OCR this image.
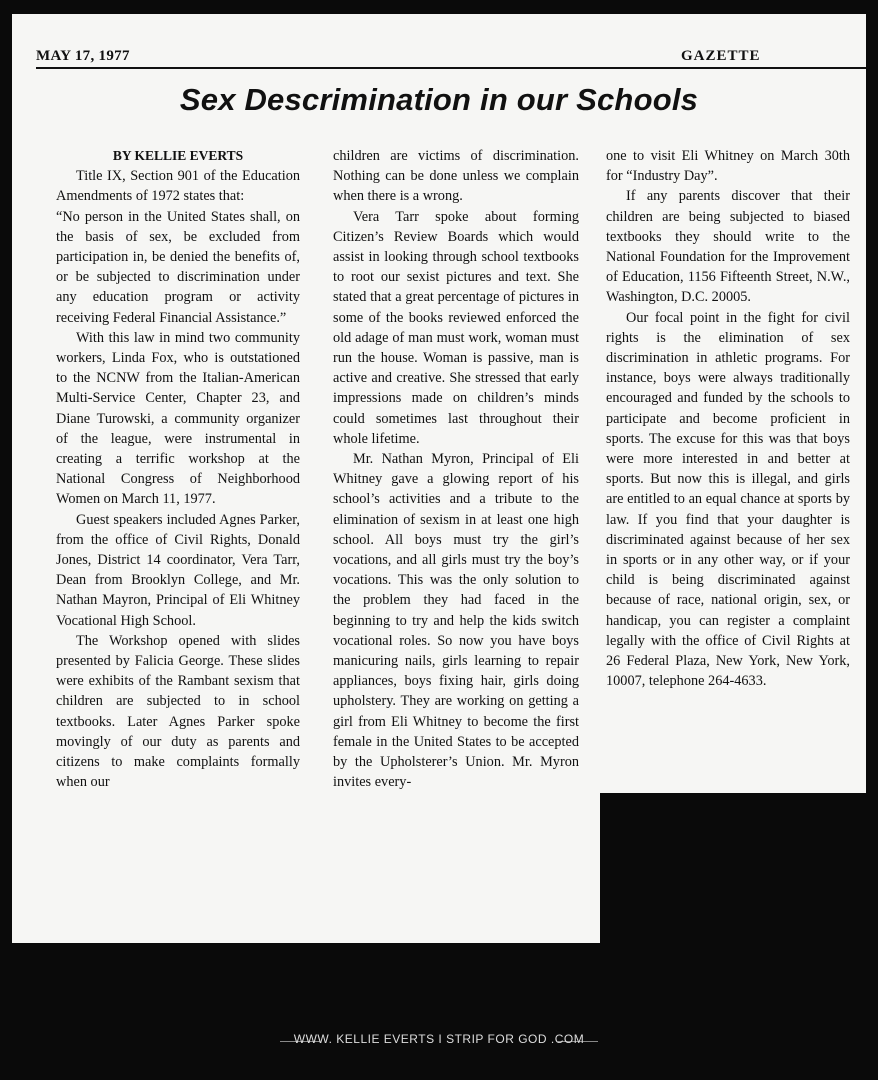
MAY 17, 1977	GAZETTE
Sex Descrimination in our Schools

BY KELLIE EVERTS

Title IX, Section 901 of the Education Amendments of 1972 states that:

“No person in the United States shall, on the basis of sex, be excluded from participation in, be denied the benefits of, or be subjected to discrimination under any education program or activity receiving Federal Financial Assistance.”

With this law in mind two community workers, Linda Fox, who is outstationed to the NCNW from the Italian-American Multi-Service Center, Chapter 23, and Diane Turowski, a community organizer of the league, were instrumental in creating a terrific workshop at the National Congress of Neighborhood Women on March 11, 1977.

Guest speakers included Agnes Parker, from the office of Civil Rights, Donald Jones, District 14 coordinator, Vera Tarr, Dean from Brooklyn College, and Mr. Nathan Mayron, Principal of Eli Whitney Vocational High School.

The Workshop opened with slides presented by Falicia George. These slides were exhibits of the Rambant sexism that children are subjected to in school textbooks. Later Agnes Parker spoke movingly of our duty as parents and citizens to make complaints formally when our

children are victims of discrimination. Nothing can be done unless we complain when there is a wrong.

Vera Tarr spoke about forming Citizen’s Review Boards which would assist in looking through school textbooks to root our sexist pictures and text. She stated that a great percentage of pictures in some of the books reviewed enforced the old adage of man must work, woman must run the house. Woman is passive, man is active and creative. She stressed that early impressions made on children’s minds could sometimes last throughout their whole lifetime.

Mr. Nathan Myron, Principal of Eli Whitney gave a glowing report of his school’s activities and a tribute to the elimination of sexism in at least one high school. All boys must try the girl’s vocations, and all girls must try the boy’s vocations. This was the only solution to the problem they had faced in the beginning to try and help the kids switch vocational roles. So now you have boys manicuring nails, girls learning to repair appliances, boys fixing hair, girls doing upholstery. They are working on getting a girl from Eli Whitney to become the first female in the United States to be accepted by the Upholsterer’s Union. Mr. Myron invites every-

one to visit Eli Whitney on March 30th for “Industry Day”.

If any parents discover that their children are being subjected to biased textbooks they should write to the National Foundation for the Improvement of Education, 1156 Fifteenth Street, N.W., Washington, D.C. 20005.

Our focal point in the fight for civil rights is the elimination of sex discrimination in athletic programs. For instance, boys were always traditionally encouraged and funded by the schools to participate and become proficient in sports. The excuse for this was that boys were more interested in and better at sports. But now this is illegal, and girls are entitled to an equal chance at sports by law. If you find that your daughter is discriminated against because of her sex in sports or in any other way, or if your child is being discriminated against because of race, national origin, sex, or handicap, you can register a complaint legally with the office of Civil Rights at 26 Federal Plaza, New York, New York, 10007, telephone 264-4633.

WWW. KELLIE EVERTS I STRIP FOR GOD .COM
